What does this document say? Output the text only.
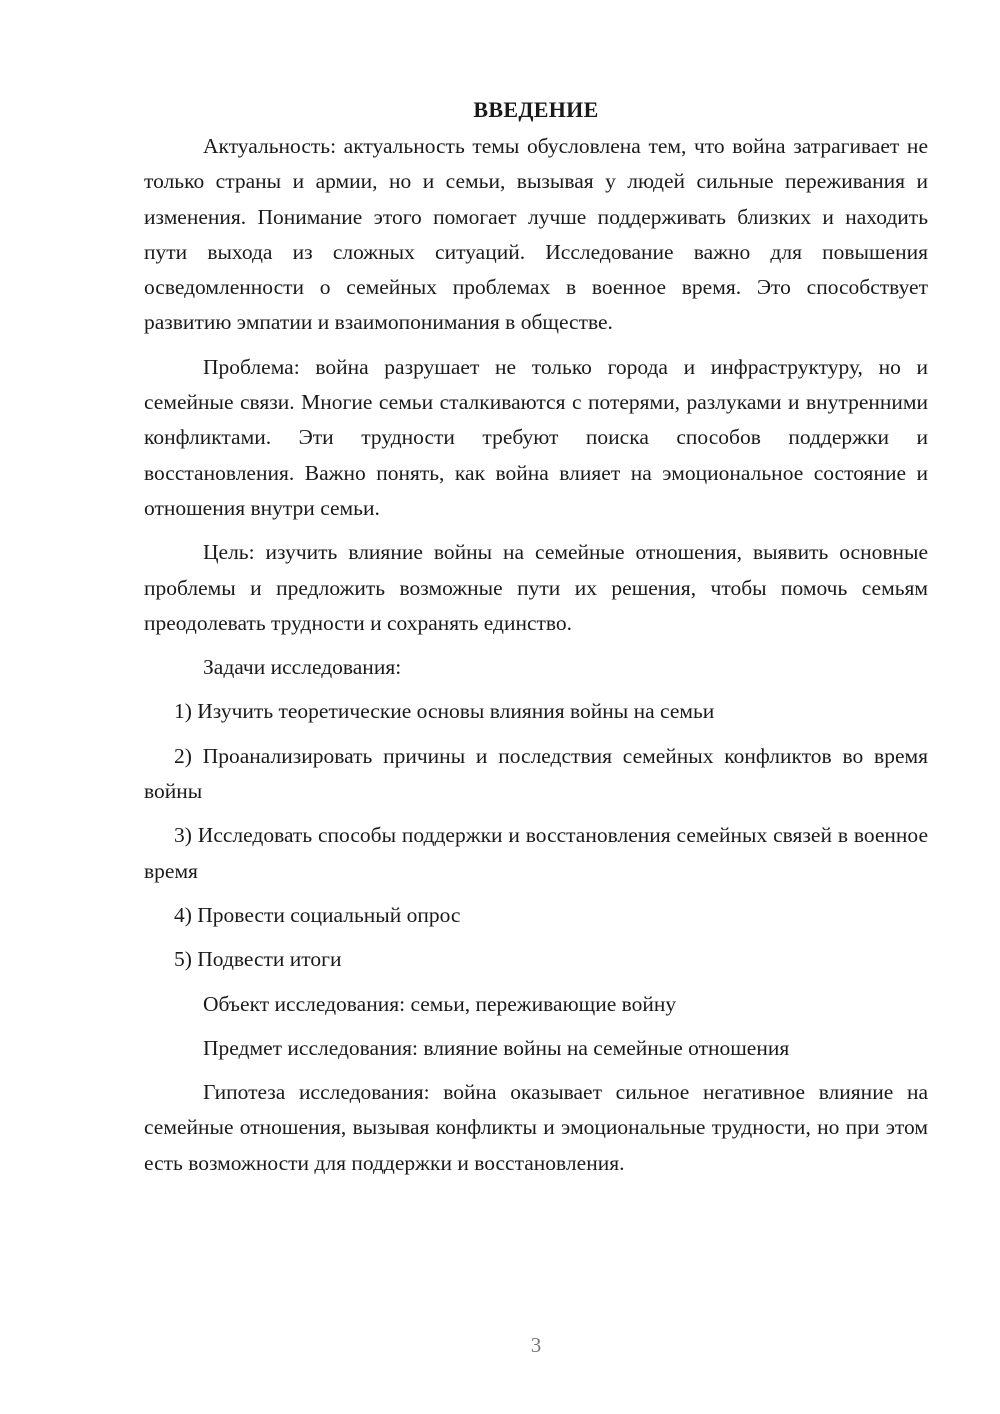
ВВЕДЕНИЕ

Актуальность: актуальность темы обусловлена тем, что война затрагивает не только страны и армии, но и семьи, вызывая у людей сильные переживания и изменения. Понимание этого помогает лучше поддерживать близких и находить пути выхода из сложных ситуаций. Исследование важно для повышения осведомленности о семейных проблемах в военное время. Это способствует развитию эмпатии и взаимопонимания в обществе.

Проблема: война разрушает не только города и инфраструктуру, но и семейные связи. Многие семьи сталкиваются с потерями, разлуками и внутренними конфликтами. Эти трудности требуют поиска способов поддержки и восстановления. Важно понять, как война влияет на эмоциональное состояние и отношения внутри семьи.

Цель: изучить влияние войны на семейные отношения, выявить основные проблемы и предложить возможные пути их решения, чтобы помочь семьям преодолевать трудности и сохранять единство.

Задачи исследования:

1) Изучить теоретические основы влияния войны на семьи

2) Проанализировать причины и последствия семейных конфликтов во время войны

3) Исследовать способы поддержки и восстановления семейных связей в военное время

4) Провести социальный опрос

5) Подвести итоги

Объект исследования: семьи, переживающие войну

Предмет исследования: влияние войны на семейные отношения

Гипотеза исследования: война оказывает сильное негативное влияние на семейные отношения, вызывая конфликты и эмоциональные трудности, но при этом есть возможности для поддержки и восстановления.

3
